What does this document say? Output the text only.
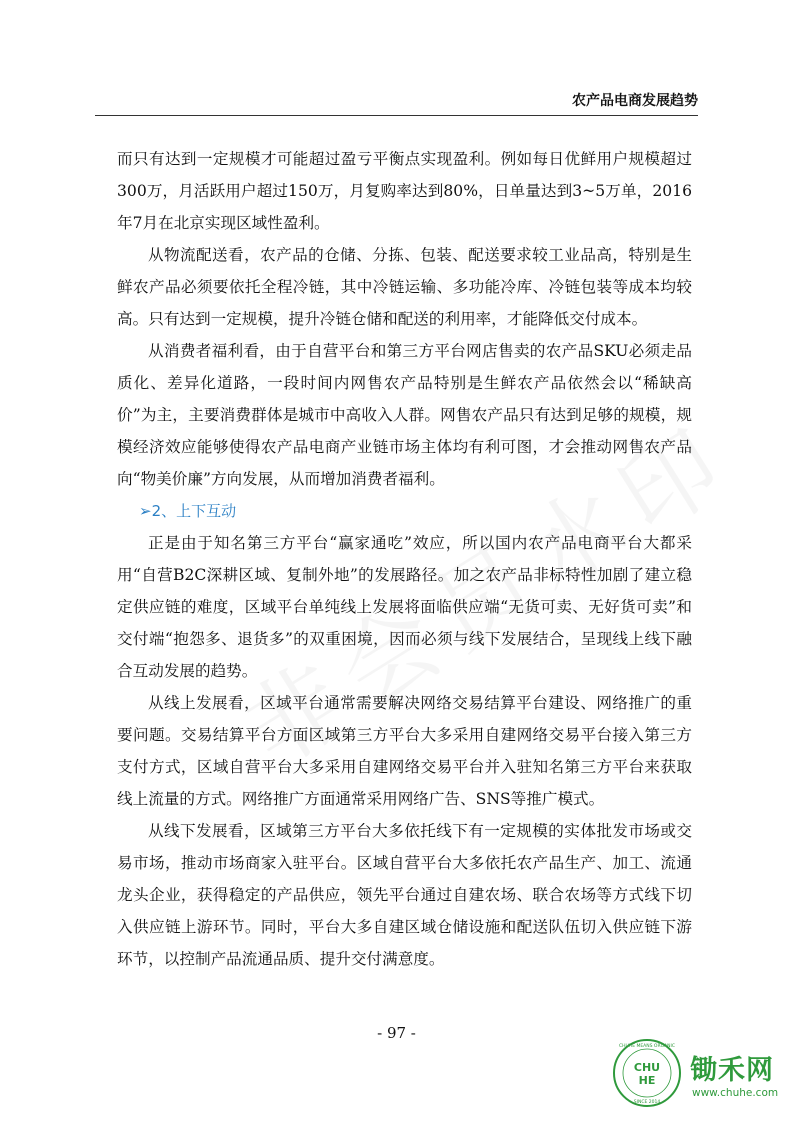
农产品电商发展趋势

而只有达到一定规模才可能超过盈亏平衡点实现盈利。例如每日优鲜用户规模超过300万，月活跃用户超过150万，月复购率达到80%，日单量达到3~5万单，2016年7月在北京实现区域性盈利。

从物流配送看，农产品的仓储、分拣、包装、配送要求较工业品高，特别是生鲜农产品必须要依托全程冷链，其中冷链运输、多功能冷库、冷链包装等成本均较高。只有达到一定规模，提升冷链仓储和配送的利用率，才能降低交付成本。

从消费者福利看，由于自营平台和第三方平台网店售卖的农产品SKU必须走品质化、差异化道路，一段时间内网售农产品特别是生鲜农产品依然会以“稀缺高价”为主，主要消费群体是城市中高收入人群。网售农产品只有达到足够的规模，规模经济效应能够使得农产品电商产业链市场主体均有利可图，才会推动网售农产品向“物美价廉”方向发展，从而增加消费者福利。

➢2、上下互动

正是由于知名第三方平台“赢家通吃”效应，所以国内农产品电商平台大都采用“自营B2C深耕区域、复制外地”的发展路径。加之农产品非标特性加剧了建立稳定供应链的难度，区域平台单纯线上发展将面临供应端“无货可卖、无好货可卖”和交付端“抱怨多、退货多”的双重困境，因而必须与线下发展结合，呈现线上线下融合互动发展的趋势。

从线上发展看，区域平台通常需要解决网络交易结算平台建设、网络推广的重要问题。交易结算平台方面区域第三方平台大多采用自建网络交易平台接入第三方支付方式，区域自营平台大多采用自建网络交易平台并入驻知名第三方平台来获取线上流量的方式。网络推广方面通常采用网络广告、SNS等推广模式。

从线下发展看，区域第三方平台大多依托线下有一定规模的实体批发市场或交易市场，推动市场商家入驻平台。区域自营平台大多依托农产品生产、加工、流通龙头企业，获得稳定的产品供应，领先平台通过自建农场、联合农场等方式线下切入供应链上游环节。同时，平台大多自建区域仓储设施和配送队伍切入供应链下游环节，以控制产品流通品质、提升交付满意度。

- 97 -
CHU
HE
CHUHE MEANS ORGANIC
SINCE 2014
锄禾网
www.chuhe.com
